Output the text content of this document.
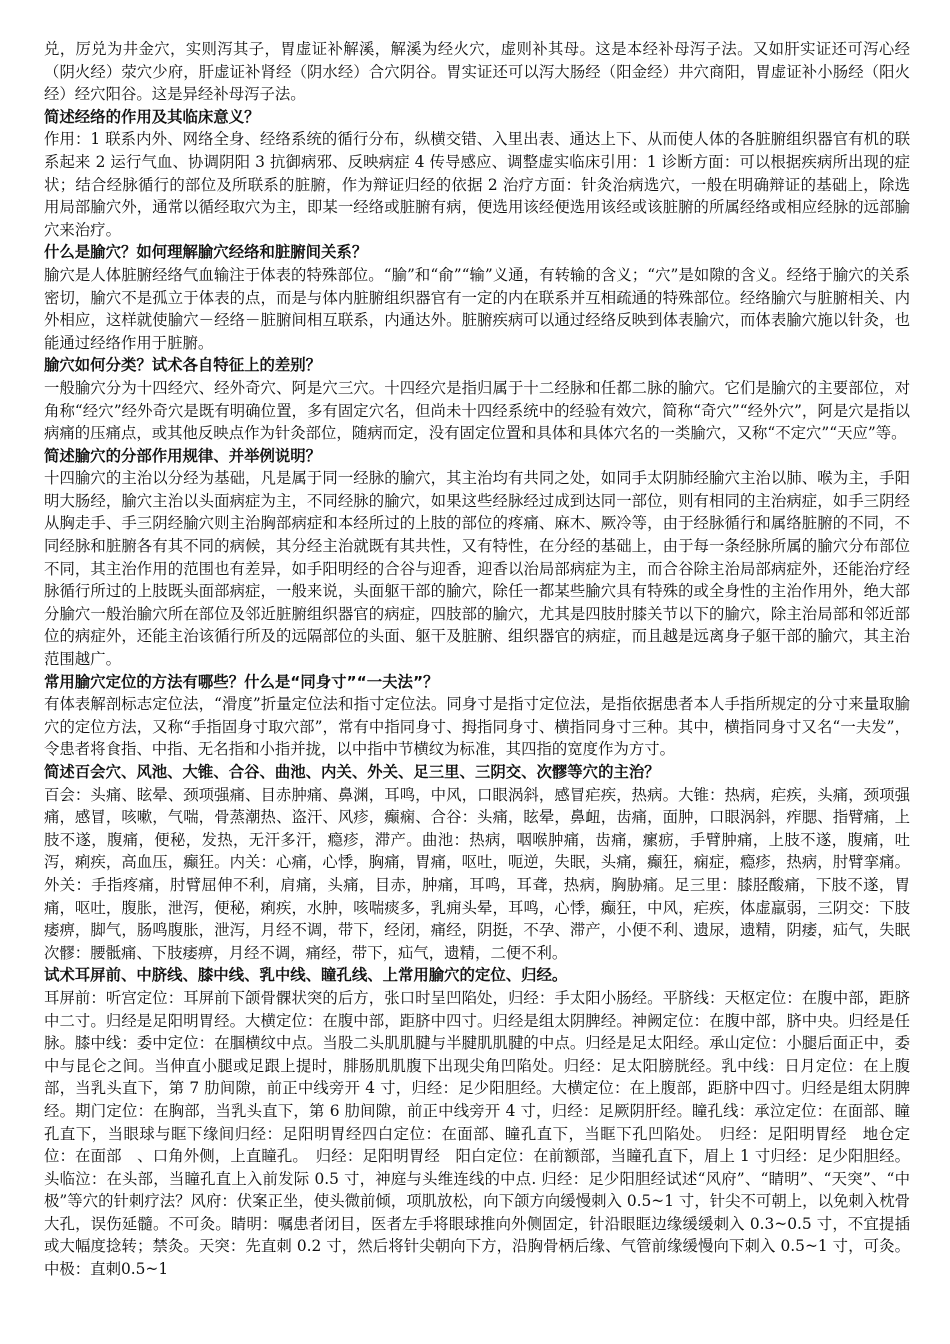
兑，厉兑为井金穴，实则泻其子，胃虚证补解溪，解溪为经火穴，虚则补其母。这是本经补母泻子法。又如肝实证还可泻心经（阴火经）荥穴少府，肝虚证补肾经（阴水经）合穴阴谷。胃实证还可以泻大肠经（阳金经）井穴商阳，胃虚证补小肠经（阳火经）经穴阳谷。这是异经补母泻子法。

简述经络的作用及其临床意义？

作用：1 联系内外、网络全身、经络系统的循行分布，纵横交错、入里出表、通达上下、从而使人体的各脏腑组织器官有机的联系起来 2 运行气血、协调阴阳 3 抗御病邪、反映病症 4 传导感应、调整虚实临床引用：1 诊断方面：可以根据疾病所出现的症状；结合经脉循行的部位及所联系的脏腑，作为辩证归经的依据 2 治疗方面：针灸治病选穴，一般在明确辩证的基础上，除选用局部腧穴外，通常以循经取穴为主，即某一经络或脏腑有病，便选用该经便选用该经或该脏腑的所属经络或相应经脉的远部腧穴来治疗。

什么是腧穴？如何理解腧穴经络和脏腑间关系？

腧穴是人体脏腑经络气血输注于体表的特殊部位。“腧”和“俞”“输”义通，有转输的含义；“穴”是如隙的含义。经络于腧穴的关系密切，腧穴不是孤立于体表的点，而是与体内脏腑组织器官有一定的内在联系并互相疏通的特殊部位。经络腧穴与脏腑相关、内外相应，这样就使腧穴－经络－脏腑间相互联系，内通达外。脏腑疾病可以通过经络反映到体表腧穴，而体表腧穴施以针灸，也能通过经络作用于脏腑。

腧穴如何分类？试术各自特征上的差别？

一般腧穴分为十四经穴、经外奇穴、阿是穴三穴。十四经穴是指归属于十二经脉和任都二脉的腧穴。它们是腧穴的主要部位，对角称“经穴”经外奇穴是既有明确位置，多有固定穴名，但尚未十四经系统中的经验有效穴，简称“奇穴”“经外穴”，阿是穴是指以病痛的压痛点，或其他反映点作为针灸部位，随病而定，没有固定位置和具体和具体穴名的一类腧穴，又称“不定穴”“天应”等。

简述腧穴的分部作用规律、并举例说明？

十四腧穴的主治以分经为基础，凡是属于同一经脉的腧穴，其主治均有共同之处，如同手太阴肺经腧穴主治以肺、喉为主，手阳明大肠经，腧穴主治以头面病症为主，不同经脉的腧穴，如果这些经脉经过成到达同一部位，则有相同的主治病症，如手三阴经从胸走手、手三阴经腧穴则主治胸部病症和本经所过的上肢的部位的疼痛、麻木、厥冷等，由于经脉循行和属络脏腑的不同，不同经脉和脏腑各有其不同的病候，其分经主治就既有其共性，又有特性，在分经的基础上，由于每一条经脉所属的腧穴分布部位不同，其主治作用的范围也有差异，如手阳明经的合谷与迎香，迎香以治局部病症为主，而合谷除主治局部病症外，还能治疗经脉循行所过的上肢既头面部病症，一般来说，头面躯干部的腧穴，除任一都某些腧穴具有特殊的或全身性的主治作用外，绝大部分腧穴一般治腧穴所在部位及邻近脏腑组织器官的病症，四肢部的腧穴，尤其是四肢肘膝关节以下的腧穴，除主治局部和邻近部位的病症外，还能主治该循行所及的远隔部位的头面、躯干及脏腑、组织器官的病症，而且越是远离身子躯干部的腧穴，其主治范围越广。

常用腧穴定位的方法有哪些？什么是“同身寸”“一夫法”？

有体表解剖标志定位法，“滑度”折量定位法和指寸定位法。同身寸是指寸定位法，是指依据患者本人手指所规定的分寸来量取腧穴的定位方法，又称“手指固身寸取穴部”，常有中指同身寸、拇指同身寸、横指同身寸三种。其中，横指同身寸又名“一夫发”，令患者将食指、中指、无名指和小指并拢，以中指中节横纹为标准，其四指的宽度作为方寸。

简述百会穴、风池、大锥、合谷、曲池、内关、外关、足三里、三阴交、次髎等穴的主治？

百会：头痛、眩晕、颈项强痛、目赤肿痛、鼻渊，耳鸣，中风，口眼涡斜，感冒疟疾，热病。大锥：热病，疟疾，头痛，颈项强痛，感冒，咳嗽，气喘，骨蒸潮热、盗汗、风疹，癫痫、合谷：头痛，眩晕，鼻衄，齿痛，面肿，口眼涡斜，痄腮、指臂痛，上肢不遂，腹痛，便秘，发热，无汗多汗，瘾疹，滞产。曲池：热病，咽喉肿痛，齿痛，瘰疬，手臂肿痛，上肢不遂，腹痛，吐泻，痢疾，高血压，癫狂。内关：心痛，心悸，胸痛，胃痛，呕吐，呃逆，失眠，头痛，癫狂，痫症，瘾疹，热病，肘臂挛痛。外关：手指疼痛，肘臂屈伸不利，肩痛，头痛，目赤，肿痛，耳鸣，耳聋，热病，胸胁痛。足三里：膝胫酸痛，下肢不遂，胃痛，呕吐，腹胀，泄泻，便秘，痢疾，水肿，咳喘痰多，乳痈头晕，耳鸣，心悸，癫狂，中风，疟疾，体虚羸弱，三阴交：下肢痿痹，脚气，肠鸣腹胀，泄泻，月经不调，带下，经闭，痛经，阴挺，不孕、滞产，小便不利、遗尿，遗精，阴痿，疝气，失眠次髎：腰骶痛、下肢痿痹，月经不调，痛经，带下，疝气，遗精，二便不利。

试术耳屏前、中脐线、膝中线、乳中线、瞳孔线、上常用腧穴的定位、归经。

耳屏前：听宫定位：耳屏前下颌骨髁状突的后方，张口时呈凹陷处，归经：手太阳小肠经。平脐线：天枢定位：在腹中部，距脐中二寸。归经是足阳明胃经。大横定位：在腹中部，距脐中四寸。归经是组太阴脾经。神阙定位：在腹中部，脐中央。归经是任脉。膝中线：委中定位：在腘横纹中点。当股二头肌肌腱与半腱肌肌腱的中点。归经是足太阳经。承山定位：小腿后面正中，委中与昆仑之间。当伸直小腿或足跟上提时，腓肠肌肌腹下出现尖角凹陷处。归经：足太阳膀胱经。乳中线：日月定位：在上腹部，当乳头直下，第 7 肋间隙，前正中线旁开 4 寸，归经：足少阳胆经。大横定位：在上腹部，距脐中四寸。归经是组太阴脾经。期门定位：在胸部，当乳头直下，第 6 肋间隙，前正中线旁开 4 寸，归经：足厥阴肝经。瞳孔线：承泣定位：在面部、瞳孔直下，当眼球与眶下缘间归经：足阳明胃经四白定位：在面部、瞳孔直下，当眶下孔凹陷处。　归经：足阳明胃经　地仓定位：在面部　、口角外侧，上直瞳孔。　归经：足阳明胃经　阳白定位：在前额部，当瞳孔直下，眉上 1 寸归经：足少阳胆经。头临泣：在头部，当瞳孔直上入前发际 0.5 寸，神庭与头维连线的中点. 归经：足少阳胆经试述“风府”、“睛明”、“天突”、“中极”等穴的针刺疗法？风府：伏案正坐，使头微前倾，项肌放松，向下颌方向缓慢刺入 0.5~1 寸，针尖不可朝上，以免刺入枕骨大孔，误伤延髓。不可灸。睛明：嘱患者闭目，医者左手将眼球推向外侧固定，针沿眼眶边缘缓缓刺入 0.3~0.5 寸，不宜提插或大幅度捻转；禁灸。天突：先直刺 0.2 寸，然后将针尖朝向下方，沿胸骨柄后缘、气管前缘缓慢向下刺入 0.5~1 寸，可灸。中极：直刺0.5~1
